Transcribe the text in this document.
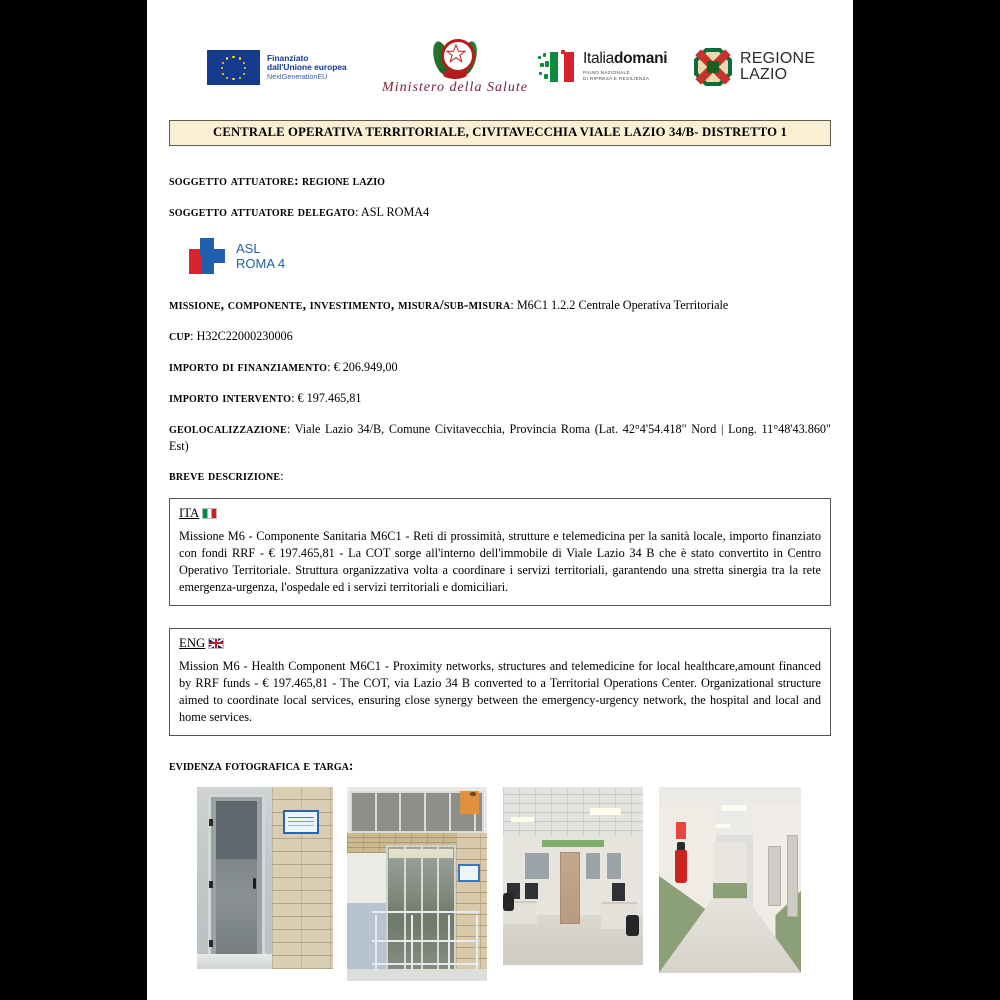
Finanziato
dall'Unione europea
NextGenerationEU
Ministero della Salute
Italiadomani
PIANO NAZIONALE
DI RIPRESA E RESILIENZA
REGIONE
LAZIO
CENTRALE OPERATIVA TERRITORIALE, CIVITAVECCHIA VIALE LAZIO 34/B- DISTRETTO 1
soggetto attuatore: regione lazio
soggetto attuatore delegato: ASL ROMA4
ASL
ROMA 4
missione, componente, investimento, misura/sub-misura: M6C1 1.2.2 Centrale Operativa Territoriale
cup: H32C22000230006
importo di finanziamento: € 206.949,00
importo intervento: € 197.465,81
geolocalizzazione: Viale Lazio 34/B, Comune Civitavecchia, Provincia Roma (Lat. 42°4'54.418" Nord | Long. 11°48'43.860" Est)
breve descrizione:
ITA
Missione M6 - Componente Sanitaria M6C1 - Reti di prossimità, strutture e telemedicina per la sanità locale, importo finanziato con fondi RRF - € 197.465,81 - La COT sorge all'interno dell'immobile di Viale Lazio 34 B che è stato convertito in Centro Operativo Territoriale. Struttura organizzativa volta a coordinare i servizi territoriali, garantendo una stretta sinergia tra la rete emergenza-urgenza, l'ospedale ed i servizi territoriali e domiciliari.
ENG
Mission M6 - Health Component M6C1 - Proximity networks, structures and telemedicine for local healthcare,amount financed by RRF funds - € 197.465,81 - The COT, via Lazio 34 B converted to a Territorial Operations Center. Organizational structure aimed to coordinate local services, ensuring close synergy between the emergency-urgency network, the hospital and local and home services.
evidenza fotografica e targa:
